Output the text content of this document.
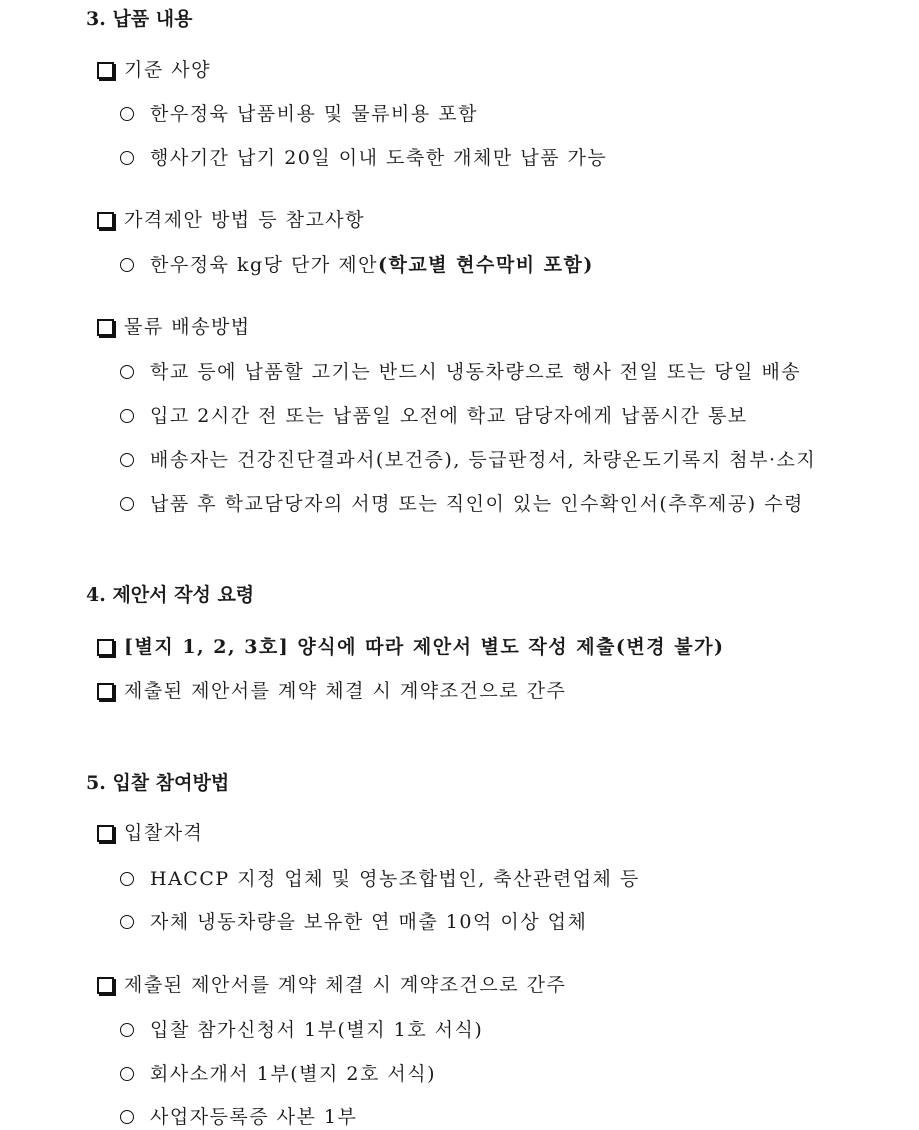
3. 납품 내용
기준 사양
한우정육 납품비용 및 물류비용 포함
행사기간 납기 20일 이내 도축한 개체만 납품 가능
가격제안 방법 등 참고사항
한우정육 kg당 단가 제안(학교별 현수막비 포함)
물류 배송방법
학교 등에 납품할 고기는 반드시 냉동차량으로 행사 전일 또는 당일 배송
입고 2시간 전 또는 납품일 오전에 학교 담당자에게 납품시간 통보
배송자는 건강진단결과서(보건증), 등급판정서, 차량온도기록지 첨부·소지
납품 후 학교담당자의 서명 또는 직인이 있는 인수확인서(추후제공) 수령
4. 제안서 작성 요령
[별지 1, 2, 3호] 양식에 따라 제안서 별도 작성 제출(변경 불가)
제출된 제안서를 계약 체결 시 계약조건으로 간주
5. 입찰 참여방법
입찰자격
HACCP 지정 업체 및 영농조합법인, 축산관련업체 등
자체 냉동차량을 보유한 연 매출 10억 이상 업체
제출된 제안서를 계약 체결 시 계약조건으로 간주
입찰 참가신청서 1부(별지 1호 서식)
회사소개서 1부(별지 2호 서식)
사업자등록증 사본 1부
